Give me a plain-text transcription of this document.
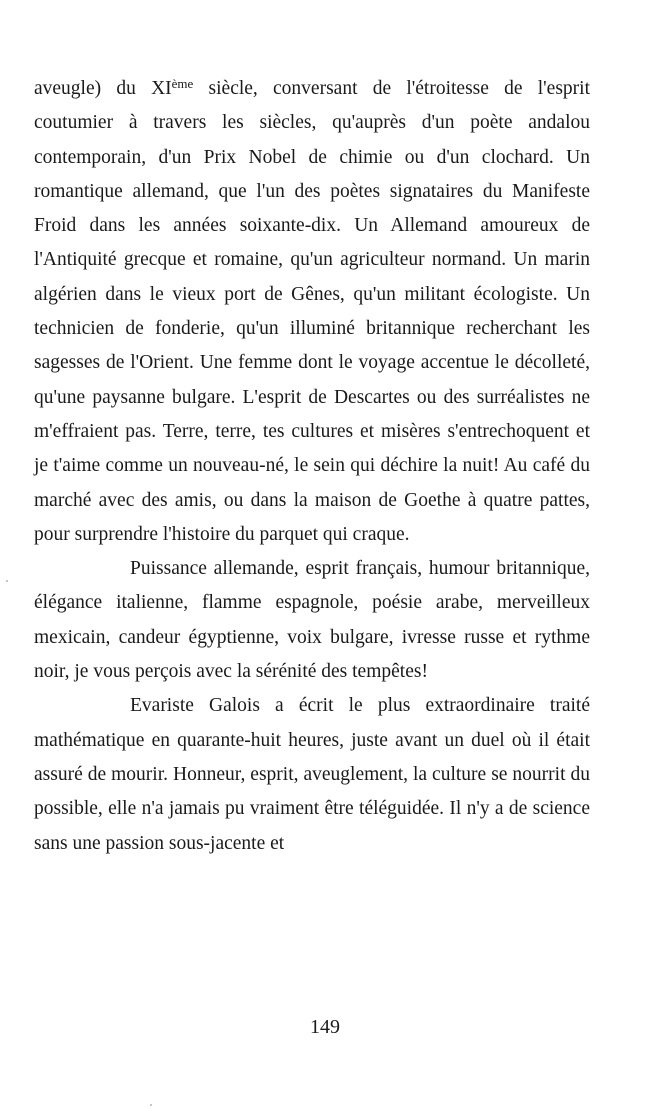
aveugle) du XIème siècle, conversant de l'étroitesse de l'esprit coutumier à travers les siècles, qu'auprès d'un poète andalou contemporain, d'un Prix Nobel de chimie ou d'un clochard. Un romantique allemand, que l'un des poètes signataires du Manifeste Froid dans les années soixante-dix. Un Allemand amoureux de l'Antiquité grecque et romaine, qu'un agriculteur normand. Un marin algérien dans le vieux port de Gênes, qu'un militant écologiste. Un technicien de fonderie, qu'un illuminé britannique recherchant les sagesses de l'Orient. Une femme dont le voyage accentue le décolleté, qu'une paysanne bulgare. L'esprit de Descartes ou des surréalistes ne m'effraient pas. Terre, terre, tes cultures et misères s'entrechoquent et je t'aime comme un nouveau-né, le sein qui déchire la nuit! Au café du marché avec des amis, ou dans la maison de Goethe à quatre pattes, pour surprendre l'histoire du parquet qui craque.

Puissance allemande, esprit français, humour britannique, élégance italienne, flamme espagnole, poésie arabe, merveilleux mexicain, candeur égyptienne, voix bulgare, ivresse russe et rythme noir, je vous perçois avec la sérénité des tempêtes!

Evariste Galois a écrit le plus extraordinaire traité mathématique en quarante-huit heures, juste avant un duel où il était assuré de mourir. Honneur, esprit, aveuglement, la culture se nourrit du possible, elle n'a jamais pu vraiment être téléguidée. Il n'y a de science sans une passion sous-jacente et

149
